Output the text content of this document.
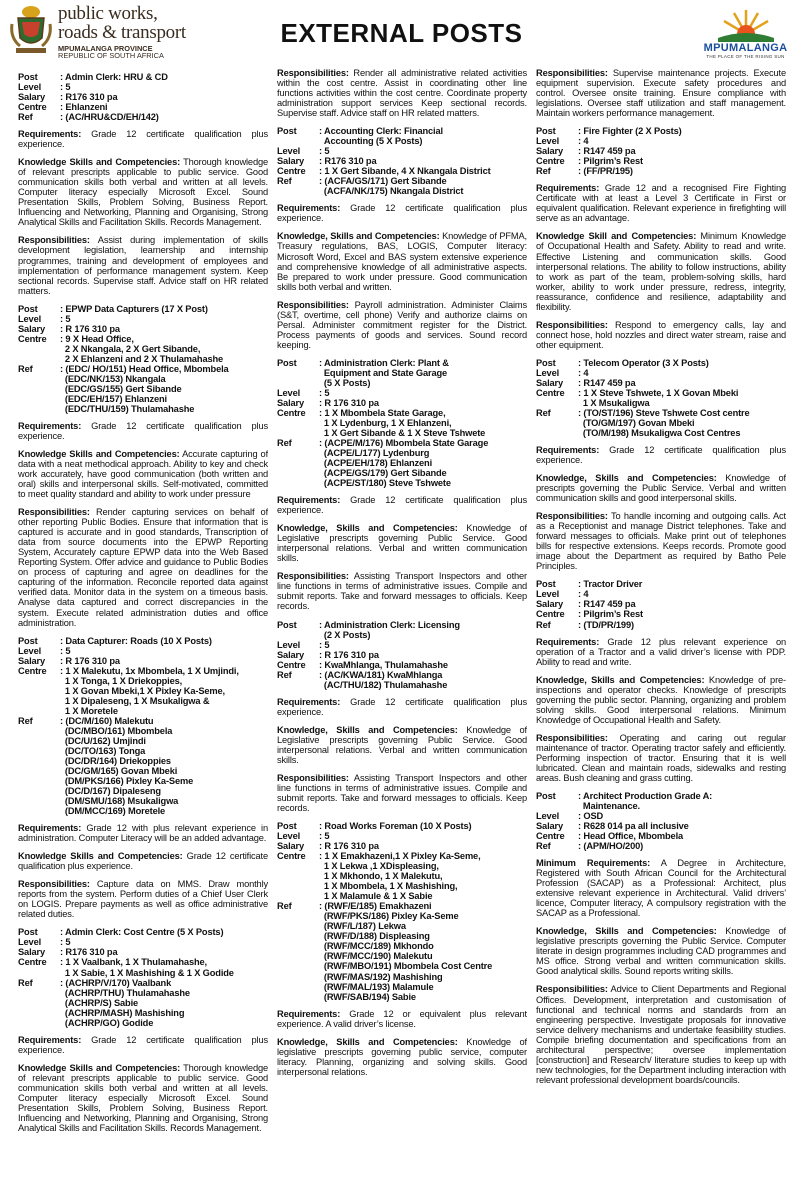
public works,
roads & transport
MPUMALANGA PROVINCE
REPUBLIC OF SOUTH AFRICA
EXTERNAL POSTS	MPUMALANGA
THE PLACE OF THE RISING SUN
Post	: Admin Clerk: HRU & CD
Level	: 5
Salary	: R176 310 pa
Centre	: Ehlanzeni
Ref	: (AC/HRU&CD/EH/142)
Requirements: Grade 12 certificate qualification plus experience.
Knowledge Skills and Competencies: Thorough knowledge of relevant prescripts applicable to public service. Good communication skills both verbal and written at all levels. Computer literacy especially Microsoft Excel. Sound Presentation Skills, Problem Solving, Business Report. Influencing and Networking, Planning and Organising, Strong Analytical Skills and Facilitation Skills. Records Management.
Responsibilities: Assist during implementation of skills development legislation, learnership and internship programmes, training and development of employees and implementation of performance management system. Keep sectional records. Supervise staff. Advice staff on HR related matters.
Post	: EPWP Data Capturers (17 X Post)
Level	: 5
Salary	: R 176 310 pa
Centre	: 9 X Head Office,
2 X Nkangala, 2 X Gert Sibande,
2 X Ehlanzeni and 2 X Thulamahashe
Ref	: (EDC/ HO/151) Head Office, Mbombela
(EDC/NK/153) Nkangala
(EDC/GS/155) Gert Sibande
(EDC/EH/157) Ehlanzeni
(EDC/THU/159) Thulamahashe
Requirements: Grade 12 certificate qualification plus experience.
Knowledge Skills and Competencies: Accurate capturing of data with a neat methodical approach. Ability to key and check work accurately, have good communication (both written and oral) skills and interpersonal skills. Self-motivated, committed to meet quality standard and ability to work under pressure
Responsibilities: Render capturing services on behalf of other reporting Public Bodies. Ensure that information that is captured is accurate and in good standards, Transcription of data from source documents into the EPWP Reporting System, Accurately capture EPWP data into the Web Based Reporting System. Offer advice and guidance to Public Bodies on process of capturing and agree on deadlines for the capturing of the information. Reconcile reported data against verified data. Monitor data in the system on a timeous basis. Analyse data captured and correct discrepancies in the system. Execute related administration duties and office administration.
Post	: Data Capturer: Roads (10 X Posts)
Level	: 5
Salary	: R 176 310 pa
Centre	: 1 X Malekutu, 1x Mbombela, 1 X Umjindi,
1 X Tonga, 1 X Driekoppies,
1 X Govan Mbeki,1 X Pixley Ka-Seme,
1 X Dipaleseng, 1 X Msukaligwa &
1 X Moretele
Ref	: (DC/M/160) Malekutu
(DC/MBO/161) Mbombela
(DC/U/162) Umjindi
(DC/TO/163) Tonga
(DC/DR/164) Driekoppies
(DC/GM/165) Govan Mbeki
(DM/PKS/166) Pixley Ka-Seme
(DC/D/167) Dipaleseng
(DM/SMU/168) Msukaligwa
(DM/MCC/169) Moretele
Requirements: Grade 12 with plus relevant experience in administration. Computer Literacy will be an added advantage.
Knowledge Skills and Competencies: Grade 12 certificate qualification plus experience.
Responsibilities: Capture data on MMS. Draw monthly reports from the system. Perform duties of a Chief User Clerk on LOGIS. Prepare payments as well as office administrative related duties.
Post	: Admin Clerk: Cost Centre (5 X Posts)
Level	: 5
Salary	: R176 310 pa
Centre	: 1 X Vaalbank, 1 X Thulamahashe,
1 X Sabie, 1 X Mashishing & 1 X Godide
Ref	: (ACHRP/V/170) Vaalbank
(ACHRP/THU) Thulamahashe
(ACHRP/S) Sabie
(ACHRP/MASH) Mashishing
(ACHRP/GO) Godide
Requirements: Grade 12 certificate qualification plus experience.
Knowledge Skills and Competencies: Thorough knowledge of relevant prescripts applicable to public service. Good communication skills both verbal and written at all levels. Computer literacy especially Microsoft Excel. Sound Presentation Skills, Problem Solving, Business Report. Influencing and Networking, Planning and Organising, Strong Analytical Skills and Facilitation Skills. Records Management.
Responsibilities: Render all administrative related activities within the cost centre. Assist in coordinating other line functions activities within the cost centre. Coordinate property administration support services Keep sectional records. Supervise staff. Advice staff on HR related matters.
Post	: Accounting Clerk: Financial
Accounting (5 X Posts)
Level	: 5
Salary	: R176 310 pa
Centre	: 1 X Gert Sibande, 4 X Nkangala District
Ref	: (ACFA/GS/171) Gert Sibande
(ACFA/NK/175) Nkangala District
Requirements: Grade 12 certificate qualification plus experience.
Knowledge, Skills and Competencies: Knowledge of PFMA, Treasury regulations, BAS, LOGIS, Computer literacy: Microsoft Word, Excel and BAS system extensive experience and comprehensive knowledge of all administrative aspects. Be prepared to work under pressure. Good communication skills both verbal and written.
Responsibilities: Payroll administration. Administer Claims (S&T, overtime, cell phone) Verify and authorize claims on Persal. Administer commitment register for the District. Process payments of goods and services. Sound record keeping.
Post	: Administration Clerk: Plant &
Equipment and State Garage
(5 X Posts)
Level	: 5
Salary	: R 176 310 pa
Centre	: 1 X Mbombela State Garage,
1 X Lydenburg, 1 X Ehlanzeni,
1 X Gert Sibande & 1 X Steve Tshwete
Ref	: (ACPE/M/176) Mbombela State Garage
(ACPE/L/177) Lydenburg
(ACPE/EH/178) Ehlanzeni
(ACPE/GS/179) Gert Sibande
(ACPE/ST/180) Steve Tshwete
Requirements: Grade 12 certificate qualification plus experience.
Knowledge, Skills and Competencies: Knowledge of Legislative prescripts governing Public Service. Good interpersonal relations. Verbal and written communication skills.
Responsibilities: Assisting Transport Inspectors and other line functions in terms of administrative issues. Compile and submit reports. Take and forward messages to officials. Keep records.
Post	: Administration Clerk: Licensing
(2 X Posts)
Level	: 5
Salary	: R 176 310 pa
Centre	: KwaMhlanga, Thulamahashe
Ref	: (AC/KWA/181) KwaMhlanga
(AC/THU/182) Thulamahashe
Requirements: Grade 12 certificate qualification plus experience.
Knowledge, Skills and Competencies: Knowledge of Legislative prescripts governing Public Service. Good interpersonal relations. Verbal and written communication skills.
Responsibilities: Assisting Transport Inspectors and other line functions in terms of administrative issues. Compile and submit reports. Take and forward messages to officials. Keep records.
Post	: Road Works Foreman (10 X Posts)
Level	: 5
Salary	: R 176 310 pa
Centre	: 1 X Emakhazeni,1 X Pixley Ka-Seme,
1 X Lekwa ,1 XDispleasing,
1 X Mkhondo, 1 X Malekutu,
1 X Mbombela, 1 X Mashishing,
1 X Malamule & 1 X Sabie
Ref	: (RWF/E/185) Emakhazeni
(RWF/PKS/186) Pixley Ka-Seme
(RWF/L/187) Lekwa
(RWF/D/188) Displeasing
(RWF/MCC/189) Mkhondo
(RWF/MCC/190) Malekutu
(RWF/MBO/191) Mbombela Cost Centre
(RWF/MAS/192) Mashishing
(RWF/MAL/193) Malamule
(RWF/SAB/194) Sabie
Requirements: Grade 12 or equivalent plus relevant experience. A valid driver’s license.
Knowledge, Skills and Competencies: Knowledge of legislative prescripts governing public service, computer literacy. Planning, organizing and solving skills. Good interpersonal relations.
Responsibilities: Supervise maintenance projects. Execute equipment supervision. Execute safety procedures and control. Oversee onsite training. Ensure compliance with legislations. Oversee staff utilization and staff management. Maintain workers performance management.
Post	: Fire Fighter (2 X Posts)
Level	: 4
Salary	: R147 459 pa
Centre	: Pilgrim’s Rest
Ref	: (FF/PR/195)
Requirements: Grade 12 and a recognised Fire Fighting Certificate with at least a Level 3 Certificate in First or equivalent qualification. Relevant experience in firefighting will serve as an advantage.
Knowledge Skill and Competencies: Minimum Knowledge of Occupational Health and Safety. Ability to read and write. Effective Listening and communication skills. Good interpersonal relations. The ability to follow instructions, ability to work as part of the team, problem-solving skills, hard worker, ability to work under pressure, redress, integrity, reassurance, confidence and resilience, adaptability and flexibility.
Responsibilities: Respond to emergency calls, lay and connect hose, hold nozzles and direct water stream, raise and other equipment.
Post	: Telecom Operator (3 X Posts)
Level	: 4
Salary	: R147 459 pa
Centre	: 1 X Steve Tshwete, 1 X Govan Mbeki
1 X Msukaligwa
Ref	: (TO/ST/196) Steve Tshwete Cost centre
(TO/GM/197) Govan Mbeki
(TO/M/198) Msukaligwa Cost Centres
Requirements: Grade 12 certificate qualification plus experience.
Knowledge, Skills and Competencies: Knowledge of prescripts governing the Public Service. Verbal and written communication skills and good interpersonal skills.
Responsibilities: To handle incoming and outgoing calls. Act as a Receptionist and manage District telephones. Take and forward messages to officials. Make print out of telephones bills for respective extensions. Keeps records. Promote good image about the Department as required by Batho Pele Principles.
Post	: Tractor Driver
Level	: 4
Salary	: R147 459 pa
Centre	: Pilgrim’s Rest
Ref	: (TD/PR/199)
Requirements: Grade 12 plus relevant experience on operation of a Tractor and a valid driver’s license with PDP. Ability to read and write.
Knowledge, Skills and Competencies: Knowledge of pre-inspections and operator checks. Knowledge of prescripts governing the public sector. Planning, organizing and problem solving skills. Good interpersonal relations. Minimum Knowledge of Occupational Health and Safety.
Responsibilities: Operating and caring out regular maintenance of tractor. Operating tractor safely and efficiently. Performing inspection of tractor. Ensuring that it is well lubricated. Clean and maintain roads, sidewalks and resting areas. Bush cleaning and grass cutting.
Post	: Architect Production Grade A:
Maintenance.
Level	: OSD
Salary	: R628 014 pa all inclusive
Centre	: Head Office, Mbombela
Ref	: (APM/HO/200)
Minimum Requirements: A Degree in Architecture, Registered with South African Council for the Architectural Profession (SACAP) as a Professional: Architect, plus extensive relevant experience in Architectural. Valid drivers’ licence, Computer literacy, A compulsory registration with the SACAP as a Professional.
Knowledge, Skills and Competencies: Knowledge of legislative prescripts governing the Public Service. Computer literate in design programmes including CAD programmes and MS office. Strong verbal and written communication skills. Good analytical skills. Sound reports writing skills.
Responsibilities: Advice to Client Departments and Regional Offices. Development, interpretation and customisation of functional and technical norms and standards from an engineering perspective. Investigate proposals for innovative service delivery mechanisms and undertake feasibility studies. Compile briefing documentation and specifications from an architectural perspective; oversee implementation [construction] and Research/ literature studies to keep up with new technologies, for the Department including interaction with relevant professional development boards/councils.
